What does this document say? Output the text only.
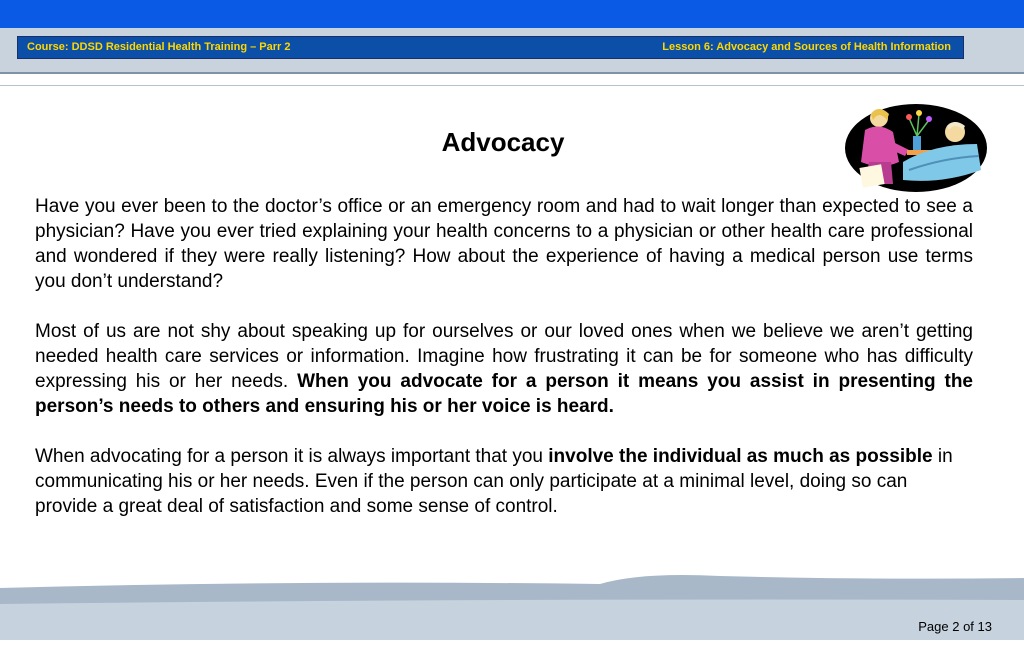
Course: DDSD Residential Health Training – Parr 2	Lesson 6: Advocacy and Sources of Health Information
Advocacy

Have you ever been to the doctor’s office or an emergency room and had to wait longer than expected to see a physician? Have you ever tried explaining your health concerns to a physician or other health care professional and wondered if they were really listening? How about the experience of having a medical person use terms you don’t understand?

Most of us are not shy about speaking up for ourselves or our loved ones when we believe we aren’t getting needed health care services or information. Imagine how frustrating it can be for someone who has difficulty expressing his or her needs. When you advocate for a person it means you assist in presenting the person’s needs to others and ensuring his or her voice is heard.

When advocating for a person it is always important that you involve the individual as much as possible in communicating his or her needs. Even if the person can only participate at a minimal level, doing so can provide a great deal of satisfaction and some sense of control.

Page 2 of 13
